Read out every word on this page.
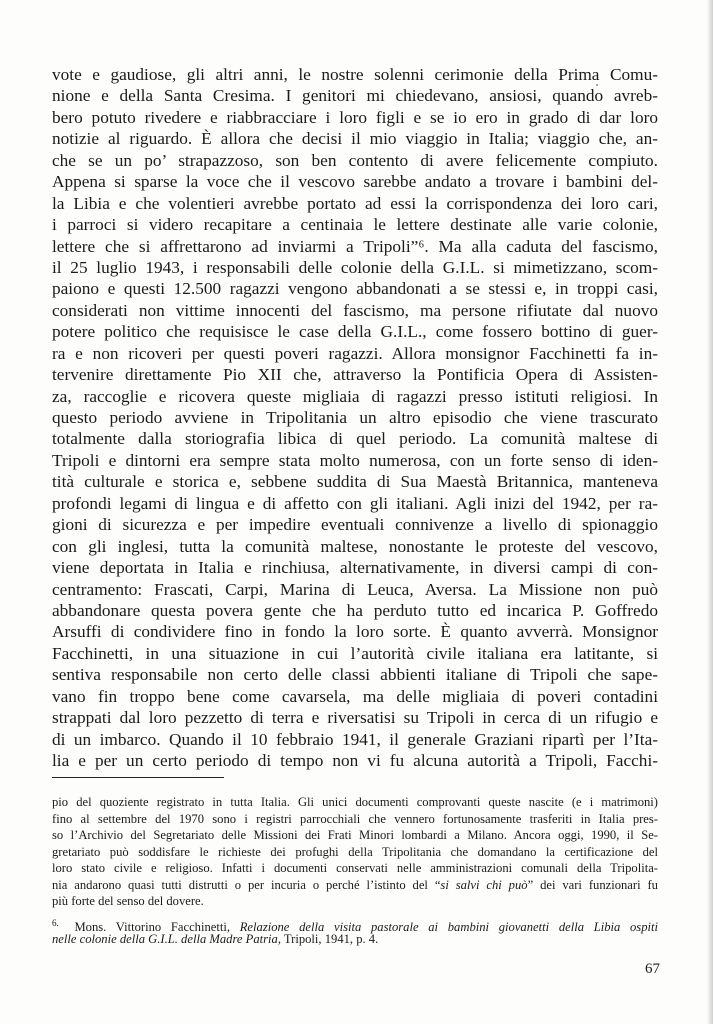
vote e gaudiose, gli altri anni, le nostre solenni cerimonie della Prima Comu-
nione e della Santa Cresima. I genitori mi chiedevano, ansiosi, quando avreb-
bero potuto rivedere e riabbracciare i loro figli e se io ero in grado di dar loro
notizie al riguardo. È allora che decisi il mio viaggio in Italia; viaggio che, an-
che se un po’ strapazzoso, son ben contento di avere felicemente compiuto.
Appena si sparse la voce che il vescovo sarebbe andato a trovare i bambini del-
la Libia e che volentieri avrebbe portato ad essi la corrispondenza dei loro cari,
i parroci si videro recapitare a centinaia le lettere destinate alle varie colonie,
lettere che si affrettarono ad inviarmi a Tripoli”⁶. Ma alla caduta del fascismo,
il 25 luglio 1943, i responsabili delle colonie della G.I.L. si mimetizzano, scom-
paiono e questi 12.500 ragazzi vengono abbandonati a se stessi e, in troppi casi,
considerati non vittime innocenti del fascismo, ma persone rifiutate dal nuovo
potere politico che requisisce le case della G.I.L., come fossero bottino di guer-
ra e non ricoveri per questi poveri ragazzi. Allora monsignor Facchinetti fa in-
tervenire direttamente Pio XII che, attraverso la Pontificia Opera di Assisten-
za, raccoglie e ricovera queste migliaia di ragazzi presso istituti religiosi. In
questo periodo avviene in Tripolitania un altro episodio che viene trascurato
totalmente dalla storiografia libica di quel periodo. La comunità maltese di
Tripoli e dintorni era sempre stata molto numerosa, con un forte senso di iden-
tità culturale e storica e, sebbene suddita di Sua Maestà Britannica, manteneva
profondi legami di lingua e di affetto con gli italiani. Agli inizi del 1942, per ra-
gioni di sicurezza e per impedire eventuali connivenze a livello di spionaggio
con gli inglesi, tutta la comunità maltese, nonostante le proteste del vescovo,
viene deportata in Italia e rinchiusa, alternativamente, in diversi campi di con-
centramento: Frascati, Carpi, Marina di Leuca, Aversa. La Missione non può
abbandonare questa povera gente che ha perduto tutto ed incarica P. Goffredo
Arsuffi di condividere fino in fondo la loro sorte. È quanto avverrà. Monsignor
Facchinetti, in una situazione in cui l’autorità civile italiana era latitante, si
sentiva responsabile non certo delle classi abbienti italiane di Tripoli che sape-
vano fin troppo bene come cavarsela, ma delle migliaia di poveri contadini
strappati dal loro pezzetto di terra e riversatisi su Tripoli in cerca di un rifugio e
di un imbarco. Quando il 10 febbraio 1941, il generale Graziani ripartì per l’Ita-
lia e per un certo periodo di tempo non vi fu alcuna autorità a Tripoli, Facchi-
pio del quoziente registrato in tutta Italia. Gli unici documenti comprovanti queste nascite (e i matrimoni)
fino al settembre del 1970 sono i registri parrocchiali che vennero fortunosamente trasferiti in Italia pres-
so l’Archivio del Segretariato delle Missioni dei Frati Minori lombardi a Milano. Ancora oggi, 1990, il Se-
gretariato può soddisfare le richieste dei profughi della Tripolitania che domandano la certificazione del
loro stato civile e religioso. Infatti i documenti conservati nelle amministrazioni comunali della Tripolita-
nia andarono quasi tutti distrutti o per incuria o perché l’istinto del “si salvi chi può” dei vari funzionari fu
più forte del senso del dovere.
$^{6.}$ Mons. Vittorino Facchinetti, Relazione della visita pastorale ai bambini giovanetti della Libia ospiti
nelle colonie della G.I.L. della Madre Patria, Tripoli, 1941, p. 4.
67
